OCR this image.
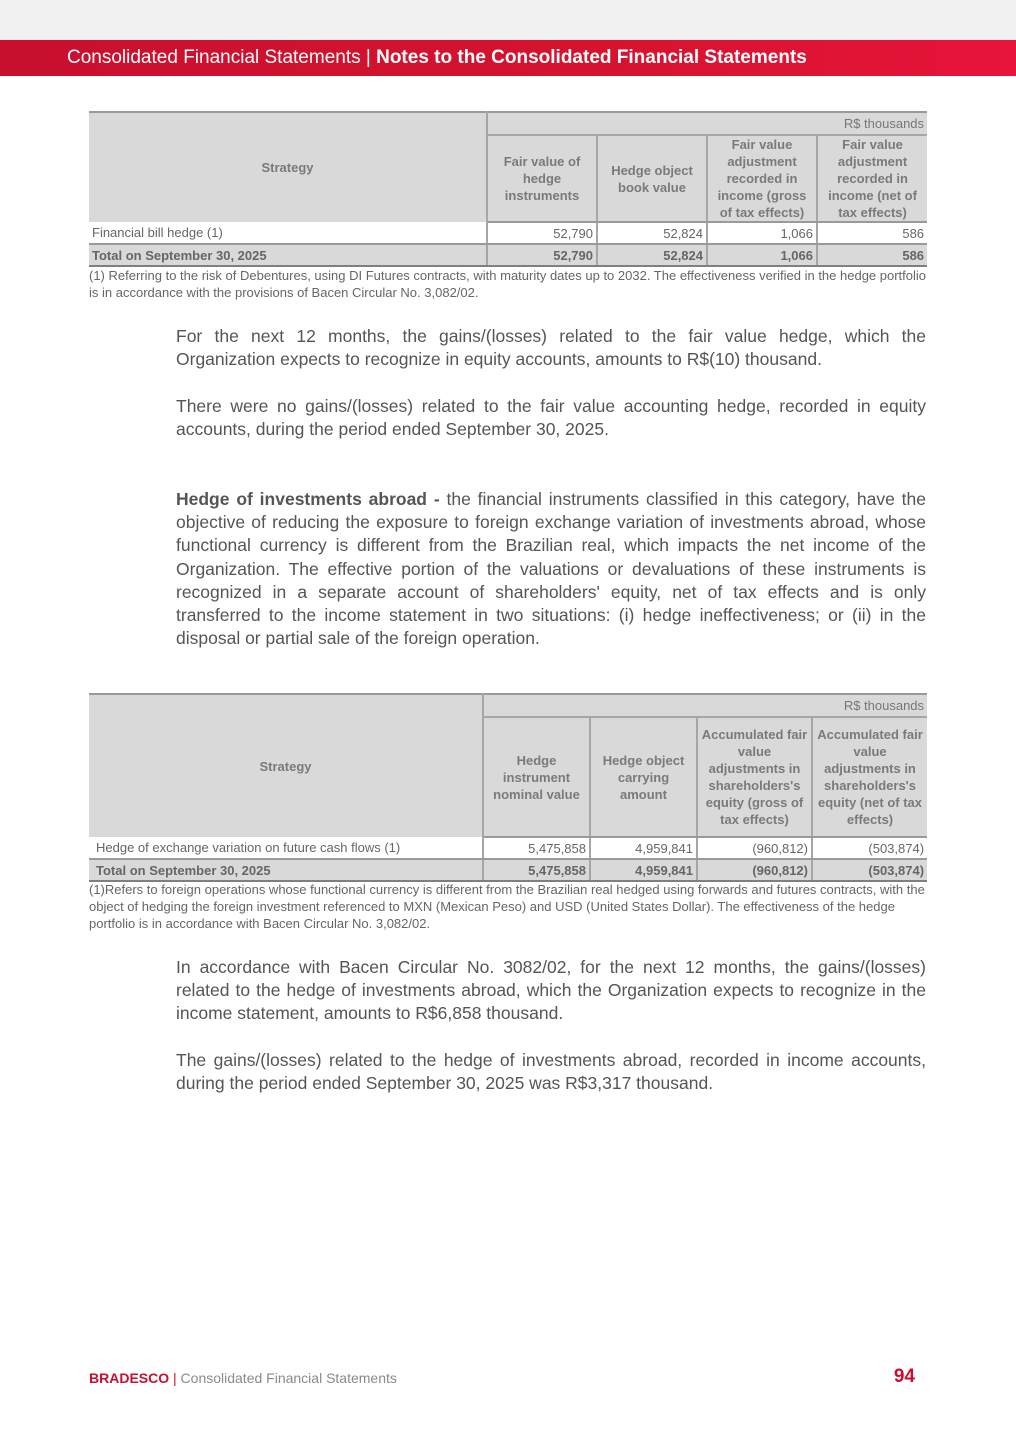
Consolidated Financial Statements | Notes to the Consolidated Financial Statements
Strategy	R$ thousands			
	Fair value of hedge instruments	Hedge object book value	Fair value adjustment recorded in income (gross of tax effects)	Fair value adjustment recorded in income (net of tax effects)
Financial bill hedge (1)	52,790	52,824	1,066	586
Total on September 30, 2025	52,790	52,824	1,066	586
(1) Referring to the risk of Debentures, using DI Futures contracts, with maturity dates up to 2032. The effectiveness verified in the hedge portfolio is in accordance with the provisions of Bacen Circular No. 3,082/02.
For the next 12 months, the gains/(losses) related to the fair value hedge, which the Organization expects to recognize in equity accounts, amounts to R$(10) thousand.
There were no gains/(losses) related to the fair value accounting hedge, recorded in equity accounts, during the period ended September 30, 2025.
Hedge of investments abroad - the financial instruments classified in this category, have the objective of reducing the exposure to foreign exchange variation of investments abroad, whose functional currency is different from the Brazilian real, which impacts the net income of the Organization. The effective portion of the valuations or devaluations of these instruments is recognized in a separate account of shareholders' equity, net of tax effects and is only transferred to the income statement in two situations: (i) hedge ineffectiveness; or (ii) in the disposal or partial sale of the foreign operation.
Strategy	R$ thousands			
	Hedge instrument nominal value	Hedge object carrying amount	Accumulated fair value adjustments in shareholders's equity (gross of tax effects)	Accumulated fair value adjustments in shareholders's equity (net of tax effects)
Hedge of exchange variation on future cash flows (1)	5,475,858	4,959,841	(960,812)	(503,874)
Total on September 30, 2025	5,475,858	4,959,841	(960,812)	(503,874)
(1)Refers to foreign operations whose functional currency is different from the Brazilian real hedged using forwards and futures contracts, with the object of hedging the foreign investment referenced to MXN (Mexican Peso) and USD (United States Dollar). The effectiveness of the hedge portfolio is in accordance with Bacen Circular No. 3,082/02.
In accordance with Bacen Circular No. 3082/02, for the next 12 months, the gains/(losses) related to the hedge of investments abroad, which the Organization expects to recognize in the income statement, amounts to R$6,858 thousand.
The gains/(losses) related to the hedge of investments abroad, recorded in income accounts, during the period ended September 30, 2025 was R$3,317 thousand.
BRADESCO | Consolidated Financial Statements	94
